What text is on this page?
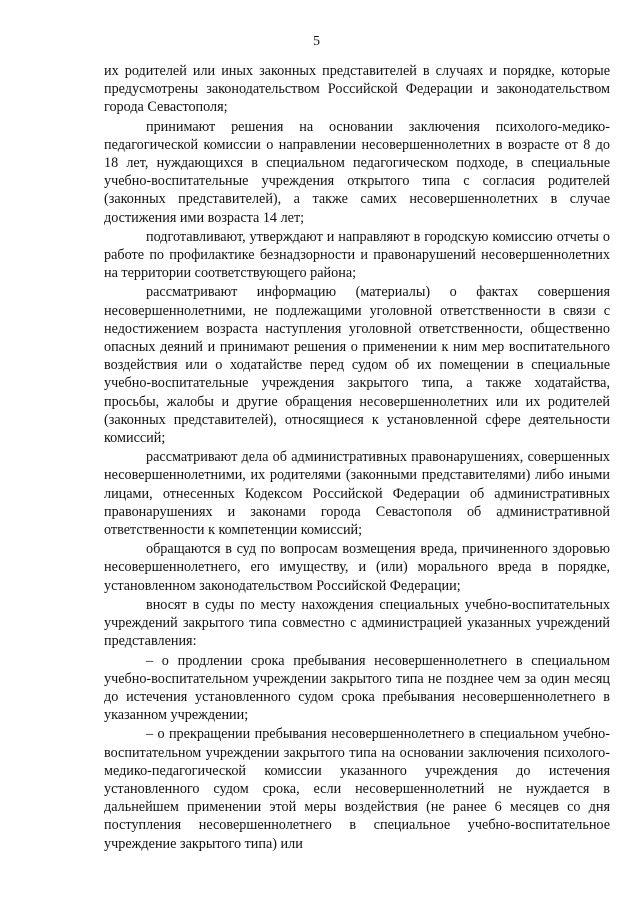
5

их родителей или иных законных представителей в случаях и порядке, которые предусмотрены законодательством Российской Федерации и законодательством города Севастополя;

принимают решения на основании заключения психолого-медико-педагогической комиссии о направлении несовершеннолетних в возрасте от 8 до 18 лет, нуждающихся в специальном педагогическом подходе, в специальные учебно-воспитательные учреждения открытого типа с согласия родителей (законных представителей), а также самих несовершеннолетних в случае достижения ими возраста 14 лет;

подготавливают, утверждают и направляют в городскую комиссию отчеты о работе по профилактике безнадзорности и правонарушений несовершеннолетних на территории соответствующего района;

рассматривают информацию (материалы) о фактах совершения несовершеннолетними, не подлежащими уголовной ответственности в связи с недостижением возраста наступления уголовной ответственности, общественно опасных деяний и принимают решения о применении к ним мер воспитательного воздействия или о ходатайстве перед судом об их помещении в специальные учебно-воспитательные учреждения закрытого типа, а также ходатайства, просьбы, жалобы и другие обращения несовершеннолетних или их родителей (законных представителей), относящиеся к установленной сфере деятельности комиссий;

рассматривают дела об административных правонарушениях, совершенных несовершеннолетними, их родителями (законными представителями) либо иными лицами, отнесенных Кодексом Российской Федерации об административных правонарушениях и законами города Севастополя об административной ответственности к компетенции комиссий;

обращаются в суд по вопросам возмещения вреда, причиненного здоровью несовершеннолетнего, его имуществу, и (или) морального вреда в порядке, установленном законодательством Российской Федерации;

вносят в суды по месту нахождения специальных учебно-воспитательных учреждений закрытого типа совместно с администрацией указанных учреждений представления:

– о продлении срока пребывания несовершеннолетнего в специальном учебно-воспитательном учреждении закрытого типа не позднее чем за один месяц до истечения установленного судом срока пребывания несовершеннолетнего в указанном учреждении;

– о прекращении пребывания несовершеннолетнего в специальном учебно-воспитательном учреждении закрытого типа на основании заключения психолого-медико-педагогической комиссии указанного учреждения до истечения установленного судом срока, если несовершеннолетний не нуждается в дальнейшем применении этой меры воздействия (не ранее 6 месяцев со дня поступления несовершеннолетнего в специальное учебно-воспитательное учреждение закрытого типа) или
